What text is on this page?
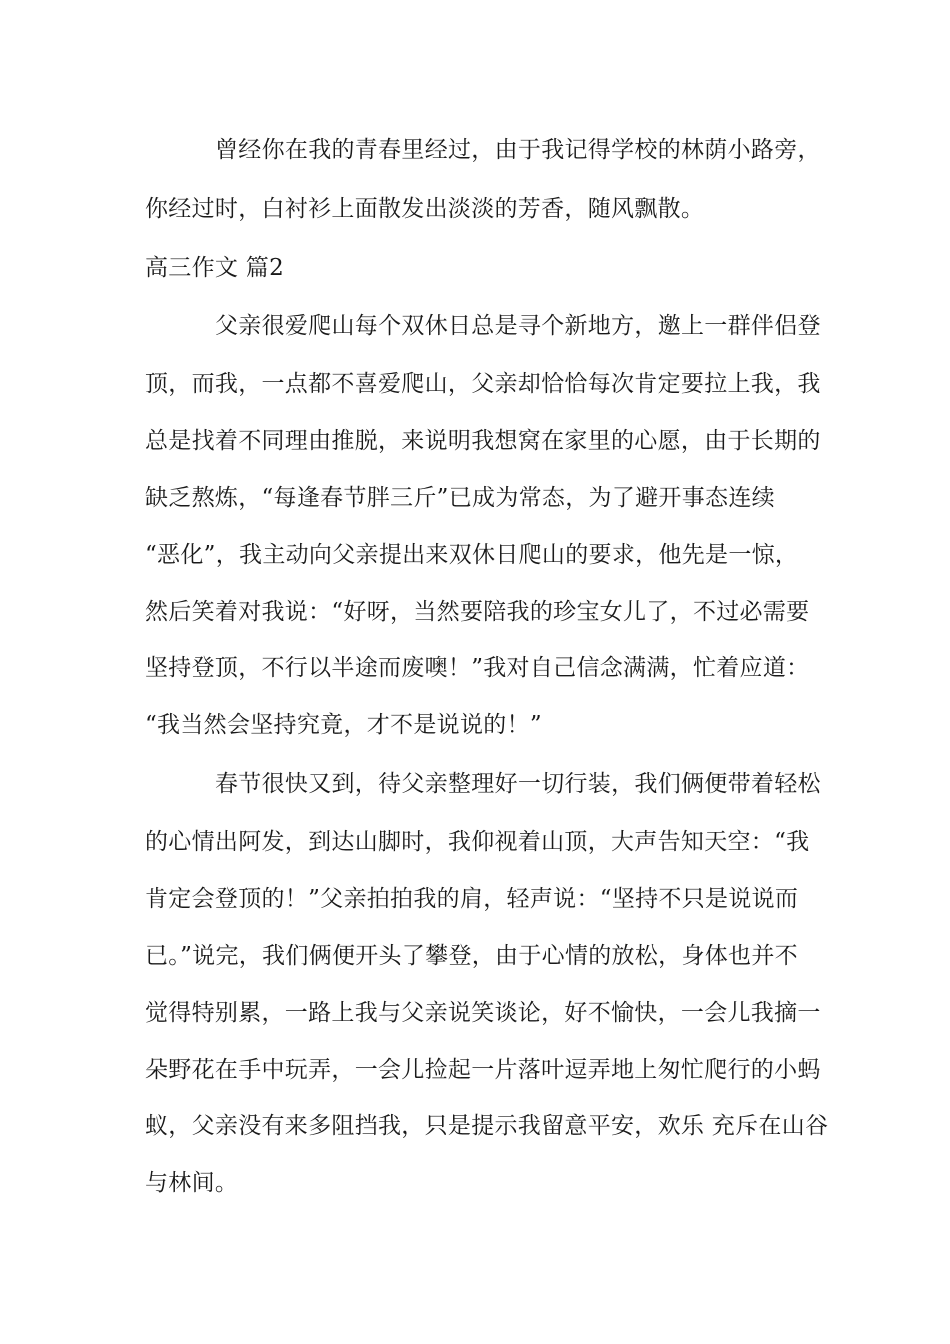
曾经你在我的青春里经过，由于我记得学校的林荫小路旁，
你经过时，白衬衫上面散发出淡淡的芳香，随风飘散。
高三作文 篇2
父亲很爱爬山每个双休日总是寻个新地方，邀上一群伴侣登
顶，而我，一点都不喜爱爬山，父亲却恰恰每次肯定要拉上我，我
总是找着不同理由推脱，来说明我想窝在家里的心愿，由于长期的
缺乏熬炼，“每逢春节胖三斤”已成为常态，为了避开事态连续
“恶化”，我主动向父亲提出来双休日爬山的要求，他先是一惊，
然后笑着对我说：“好呀，当然要陪我的珍宝女儿了，不过必需要
坚持登顶，不行以半途而废噢！”我对自己信念满满，忙着应道：
“我当然会坚持究竟，才不是说说的！”
春节很快又到，待父亲整理好一切行装，我们俩便带着轻松
的心情出阿发，到达山脚时，我仰视着山顶，大声告知天空：“我
肯定会登顶的！”父亲拍拍我的肩，轻声说：“坚持不只是说说而
已。”说完，我们俩便开头了攀登，由于心情的放松，身体也并不
觉得特别累，一路上我与父亲说笑谈论，好不愉快，一会儿我摘一
朵野花在手中玩弄，一会儿捡起一片落叶逗弄地上匆忙爬行的小蚂
蚁，父亲没有来多阻挡我，只是提示我留意平安，欢乐 充斥在山谷
与林间。
